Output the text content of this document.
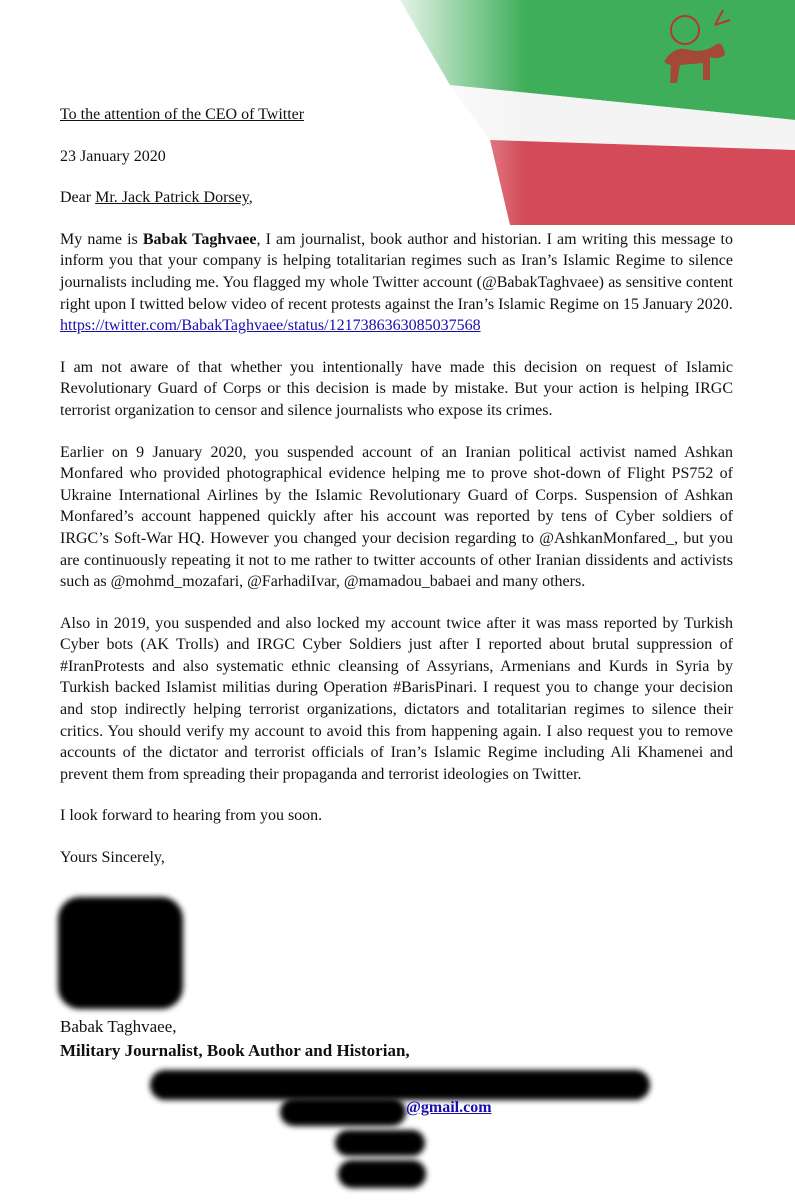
To the attention of the CEO of Twitter

23 January 2020

Dear Mr. Jack Patrick Dorsey,

My name is Babak Taghvaee, I am journalist, book author and historian. I am writing this message to inform you that your company is helping totalitarian regimes such as Iran’s Islamic Regime to silence journalists including me. You flagged my whole Twitter account (@BabakTaghvaee) as sensitive content right upon I twitted below video of recent protests against the Iran’s Islamic Regime on 15 January 2020.
https://twitter.com/BabakTaghvaee/status/1217386363085037568

I am not aware of that whether you intentionally have made this decision on request of Islamic Revolutionary Guard of Corps or this decision is made by mistake. But your action is helping IRGC terrorist organization to censor and silence journalists who expose its crimes.

Earlier on 9 January 2020, you suspended account of an Iranian political activist named Ashkan Monfared who provided photographical evidence helping me to prove shot-down of Flight PS752 of Ukraine International Airlines by the Islamic Revolutionary Guard of Corps. Suspension of Ashkan Monfared’s account happened quickly after his account was reported by tens of Cyber soldiers of IRGC’s Soft-War HQ. However you changed your decision regarding to @AshkanMonfared_, but you are continuously repeating it not to me rather to twitter accounts of other Iranian dissidents and activists such as @mohmd_mozafari, @FarhadiIvar, @mamadou_babaei and many others.

Also in 2019, you suspended and also locked my account twice after it was mass reported by Turkish Cyber bots (AK Trolls) and IRGC Cyber Soldiers just after I reported about brutal suppression of #IranProtests and also systematic ethnic cleansing of Assyrians, Armenians and Kurds in Syria by Turkish backed Islamist militias during Operation #BarisPinari. I request you to change your decision and stop indirectly helping terrorist organizations, dictators and totalitarian regimes to silence their critics. You should verify my account to avoid this from happening again. I also request you to remove accounts of the dictator and terrorist officials of Iran’s Islamic Regime including Ali Khamenei and prevent them from spreading their propaganda and terrorist ideologies on Twitter.

I look forward to hearing from you soon.

Yours Sincerely,

Babak Taghvaee,
Military Journalist, Book Author and Historian,
@gmail.com
